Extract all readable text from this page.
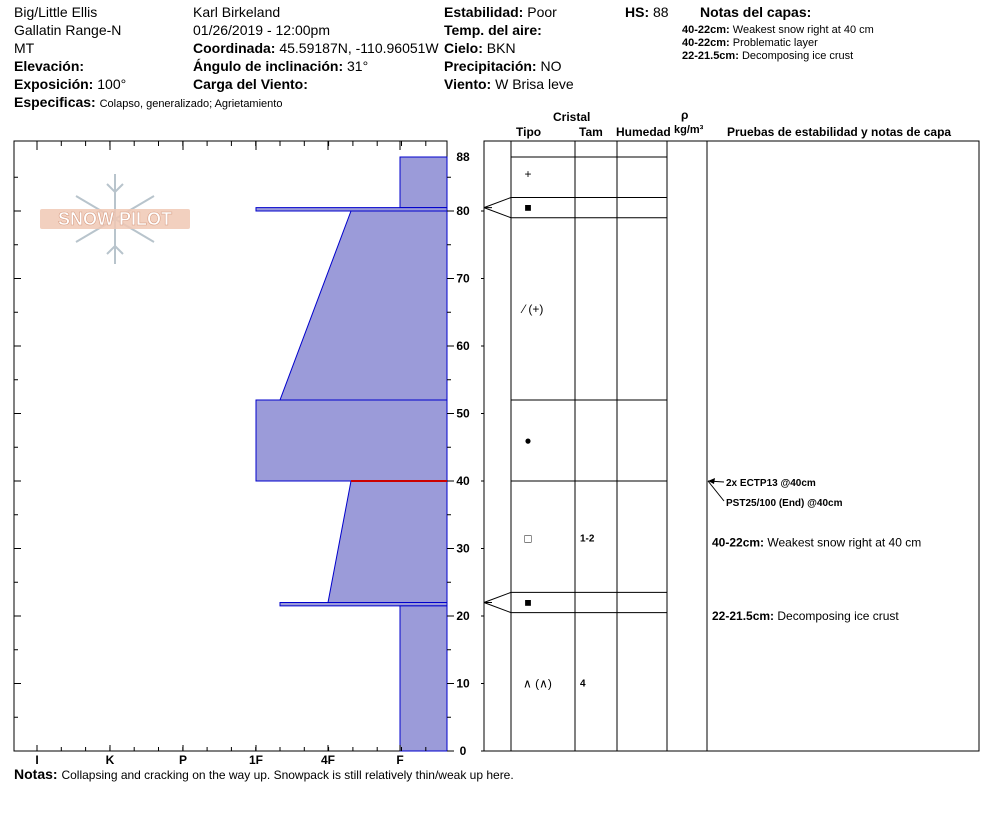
Big/Little Ellis
Gallatin Range-N
MT
Elevación:
Exposición: 100°
Especificas: Colapso, generalizado; Agrietamiento
Karl Birkeland
01/26/2019 - 12:00pm
Coordinada: 45.59187N, -110.96051W
Ángulo de inclinación: 31°
Carga del Viento:
Estabilidad: Poor
Temp. del aire:
Cielo: BKN
Precipitación: NO
Viento: W Brisa leve
HS: 88 Notas del capas:
40-22cm: Weakest snow right at 40 cm
40-22cm: Problematic layer
22-21.5cm: Decomposing ice crust
Cristal
Tipo	Tam Humedad
ρ
kg/m³ Pruebas de estabilidad y notas de capa
SNOW PILOT
I	K	P	1F	4F	F
0
10
20
30
40
50
60
70
80
88
+
■
⁄ (+)
●
□	1-2
■
∧ (∧)	4
2x ECTP13 @40cm
PST25/100 (End) @40cm
40-22cm: Weakest snow right at 40 cm
22-21.5cm: Decomposing ice crust
Notas: Collapsing and cracking on the way up. Snowpack is still relatively thin/weak up here.
